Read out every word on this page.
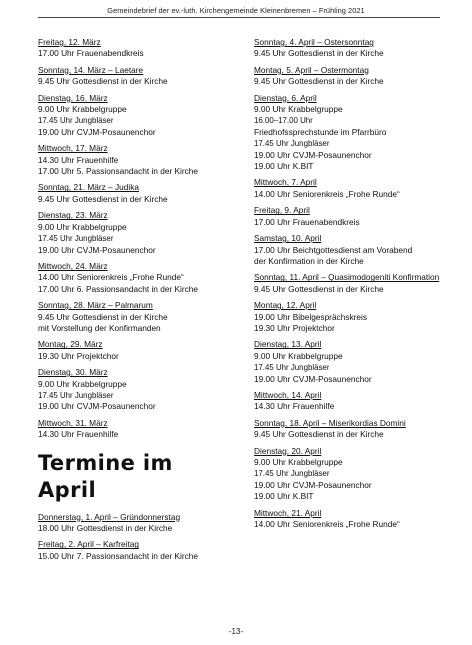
Gemeindebrief der ev.-luth. Kirchengemeinde Kleinenbremen – Frühling 2021
Freitag, 12. März
17.00 Uhr Frauenabendkreis
Sonntag, 14. März – Laetare
9.45 Uhr Gottesdienst in der Kirche
Dienstag, 16. März
9.00 Uhr Krabbelgruppe
17.45 Uhr Jungbläser
19.00 Uhr CVJM-Posaunenchor
Mittwoch, 17. März
14.30 Uhr Frauenhilfe
17.00 Uhr 5. Passionsandacht in der Kirche
Sonntag, 21. März – Judika
9.45 Uhr Gottesdienst in der Kirche
Dienstag, 23. März
9.00 Uhr Krabbelgruppe
17.45 Uhr Jungbläser
19.00 Uhr CVJM-Posaunenchor
Mittwoch, 24. März
14.00 Uhr Seniorenkreis „Frohe Runde“
17.00 Uhr 6. Passionsandacht in der Kirche
Sonntag, 28. März – Palmarum
9.45 Uhr Gottesdienst in der Kirche
mit Vorstellung der Konfirmanden
Montag, 29. März
19.30 Uhr Projektchor
Dienstag, 30. März
9.00 Uhr Krabbelgruppe
17.45 Uhr Jungbläser
19.00 Uhr CVJM-Posaunenchor
Mittwoch, 31. März
14.30 Uhr Frauenhilfe
Termine im
April
Donnerstag, 1. April – Gründonnerstag
18.00 Uhr Gottesdienst in der Kirche
Freitag, 2. April – Karfreitag
15.00 Uhr 7. Passionsandacht in der Kirche
Sonntag, 4. April – Ostersonntag
9.45 Uhr Gottesdienst in der Kirche
Montag, 5. April – Ostermontag
9.45 Uhr Gottesdienst in der Kirche
Dienstag, 6. April
9.00 Uhr Krabbelgruppe
16.00–17.00 Uhr
Friedhofssprechstunde im Pfarrbüro
17.45 Uhr Jungbläser
19.00 Uhr CVJM-Posaunenchor
19.00 Uhr K.BIT
Mittwoch, 7. April
14.00 Uhr Seniorenkreis „Frohe Runde“
Freitag, 9. April
17.00 Uhr Frauenabendkreis
Samstag, 10. April
17.00 Uhr Beichtgottesdienst am Vorabend
der Konfirmation in der Kirche
Sonntag, 11. April – Quasimodogeniti Konfirmation
9.45 Uhr Gottesdienst in der Kirche
Montag, 12. April
19.00 Uhr Bibelgesprächskreis
19.30 Uhr Projektchor
Dienstag, 13. April
9.00 Uhr Krabbelgruppe
17.45 Uhr Jungbläser
19.00 Uhr CVJM-Posaunenchor
Mittwoch, 14. April
14.30 Uhr Frauenhilfe
Sonntag, 18. April – Miserikordias Domini
9.45 Uhr Gottesdienst in der Kirche
Dienstag, 20. April
9.00 Uhr Krabbelgruppe
17.45 Uhr Jungbläser
19.00 Uhr CVJM-Posaunenchor
19.00 Uhr K.BIT
Mittwoch, 21. April
14.00 Uhr Seniorenkreis „Frohe Runde“
-13-
